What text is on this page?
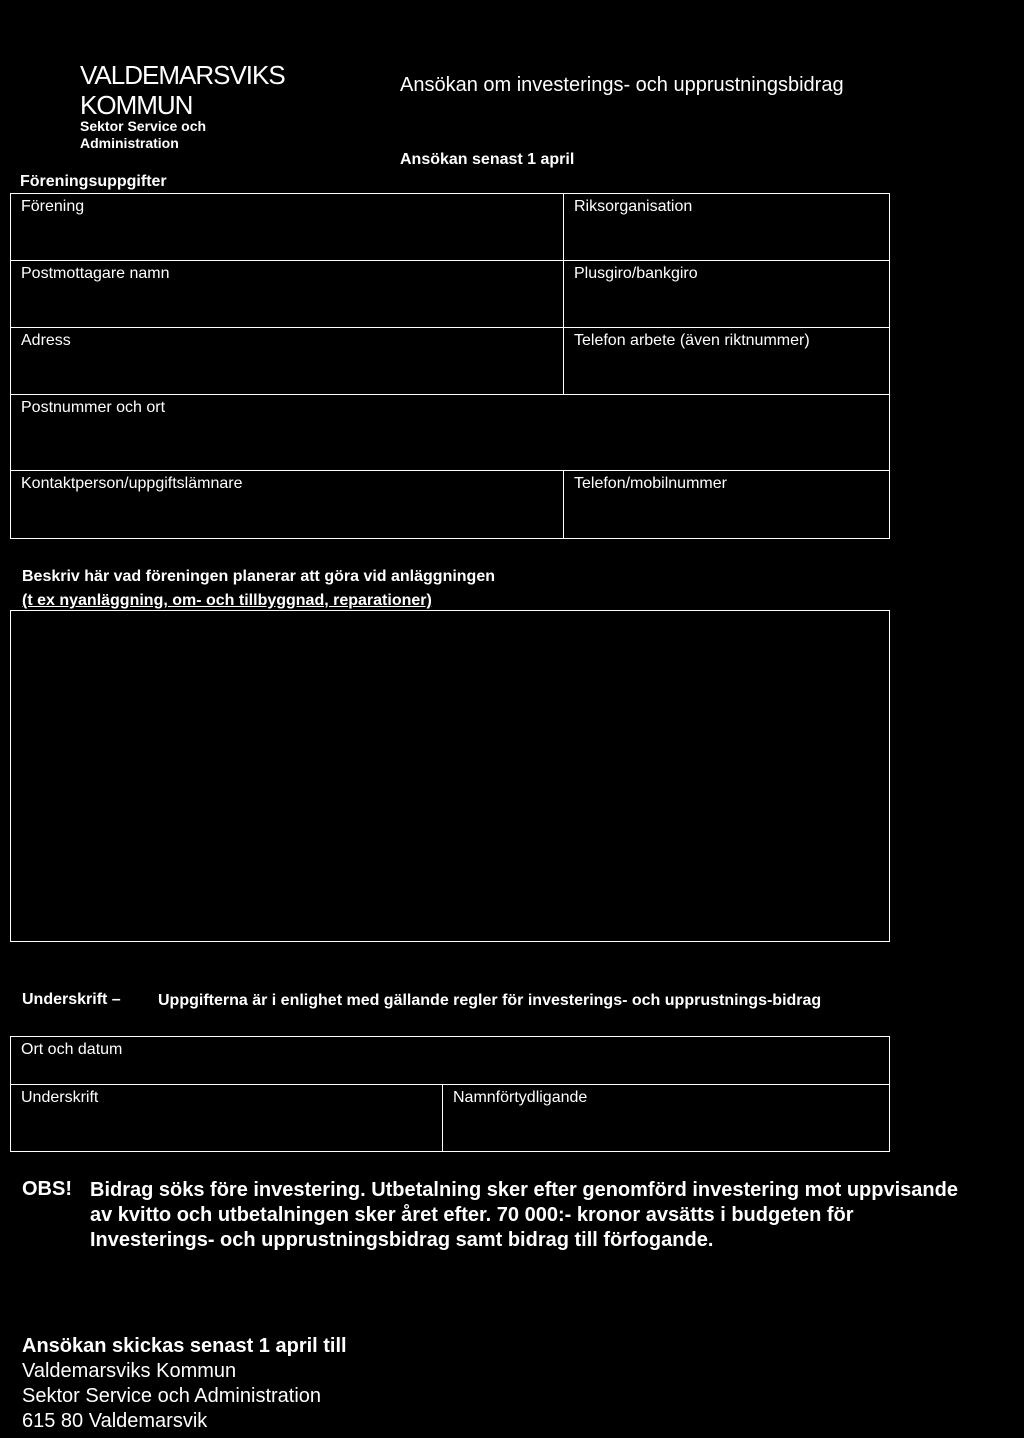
VALDEMARSVIKS
KOMMUN
Sektor Service och
Administration
Ansökan om investerings- och upprustningsbidrag
Ansökan senast 1 april
Föreningsuppgifter
Förening	Riksorganisation
Postmottagare namn	Plusgiro/bankgiro
Adress	Telefon arbete (även riktnummer)
Postnummer och ort
Kontaktperson/uppgiftslämnare	Telefon/mobilnummer
Beskriv här vad föreningen planerar att göra vid anläggningen
(t ex nyanläggning, om- och tillbyggnad, reparationer)
Underskrift – Uppgifterna är i enlighet med gällande regler för investerings- och upprustnings-bidrag
Ort och datum
Underskrift	Namnförtydligande
OBS! Bidrag söks före investering. Utbetalning sker efter genomförd investering mot uppvisande av kvitto och utbetalningen sker året efter. 70 000:- kronor avsätts i budgeten för Investerings- och upprustningsbidrag samt bidrag till förfogande.
Ansökan skickas senast 1 april till
Valdemarsviks Kommun
Sektor Service och Administration
615 80 Valdemarsvik
